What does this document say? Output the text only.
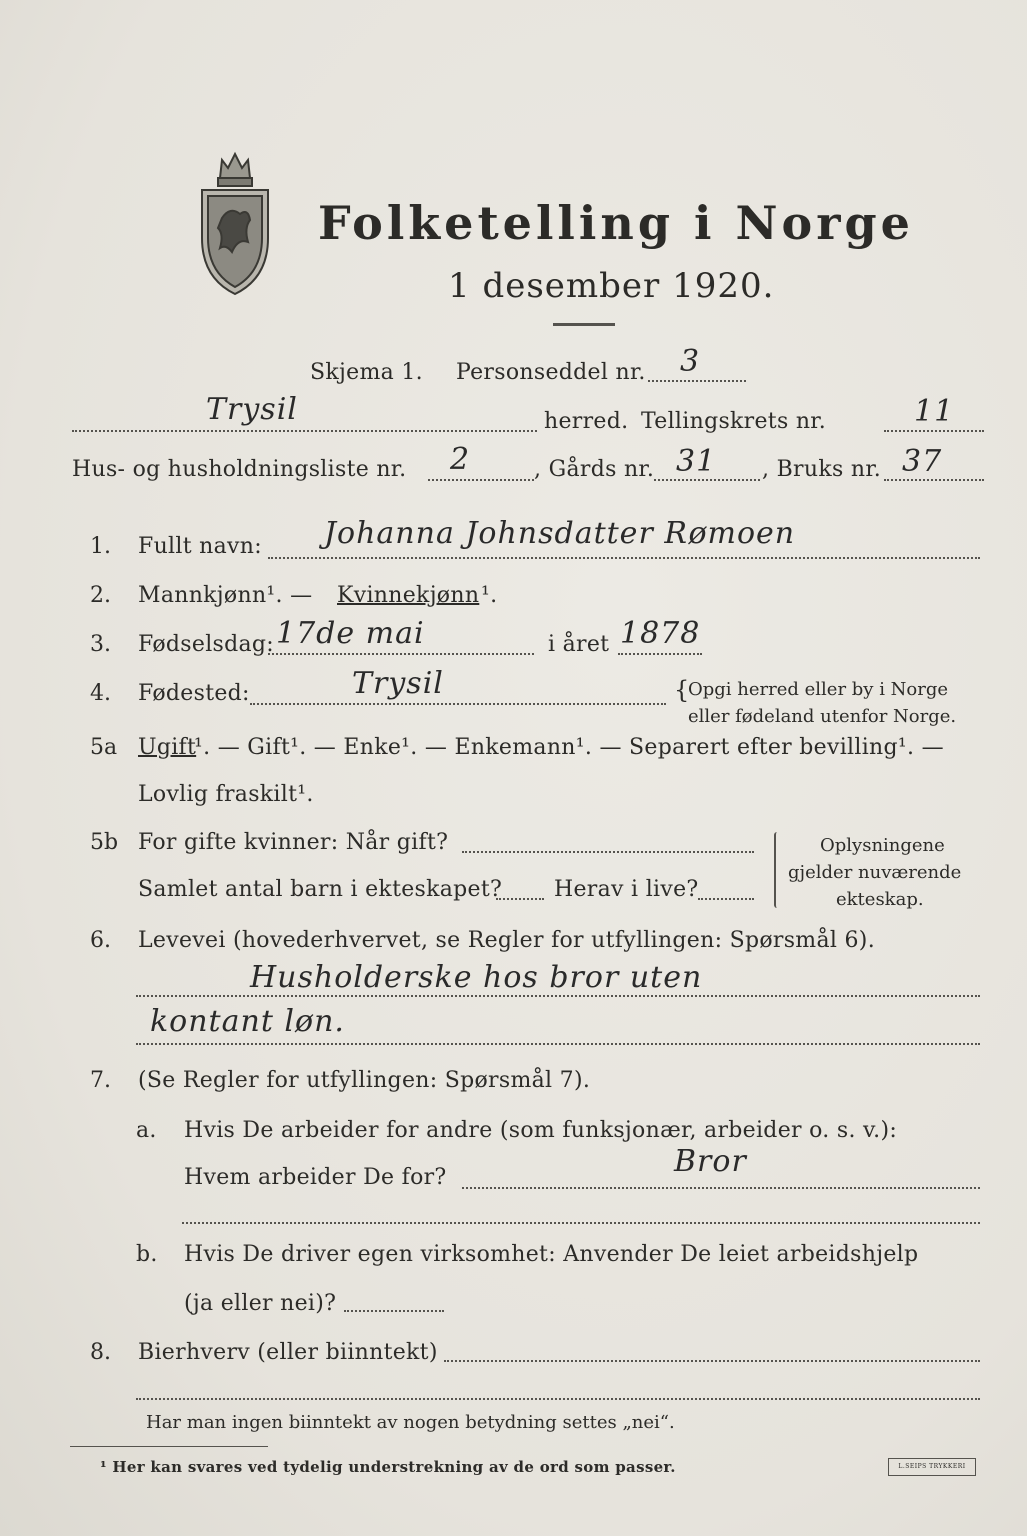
Folketelling i Norge
1 desember 1920.
Skjema 1. Personseddel nr. 3
Trysil	herred. Tellingskrets nr.	11
Hus- og husholdningsliste nr. 2	, Gårds nr. 31 , Bruks nr. 37
1. Fullt navn: Johanna Johnsdatter Rømoen
2. Mannkjønn¹. — Kvinnekjønn ¹.
3. Fødselsdag: 17de mai	i året 1878
4. Fødested:	Trysil	{
Opgi herred eller by i Norge
eller fødeland utenfor Norge.
5a Ugift
¹. — Gift¹. — Enke¹. — Enkemann¹. — Separert efter bevilling¹. —
Lovlig fraskilt¹.
5b For gifte kvinner: Når gift?
Samlet antal barn i ekteskapet? Herav i live?
Oplysningene
gjelder nuværende
ekteskap.
6. Levevei (hovederhvervet, se Regler for utfyllingen: Spørsmål 6).
Husholderske hos bror uten
kontant løn.
7. (Se Regler for utfyllingen: Spørsmål 7).
a. Hvis De arbeider for andre (som funksjonær, arbeider o. s. v.):
Hvem arbeider De for?	Bror
b. Hvis De driver egen virksomhet: Anvender De leiet arbeidshjelp
(ja eller nei)?
8. Bierhverv (eller biinntekt)
Har man ingen biinntekt av nogen betydning settes „nei“.
¹ Her kan svares ved tydelig understrekning av de ord som passer.	L.SEIPS TRYKKERI
